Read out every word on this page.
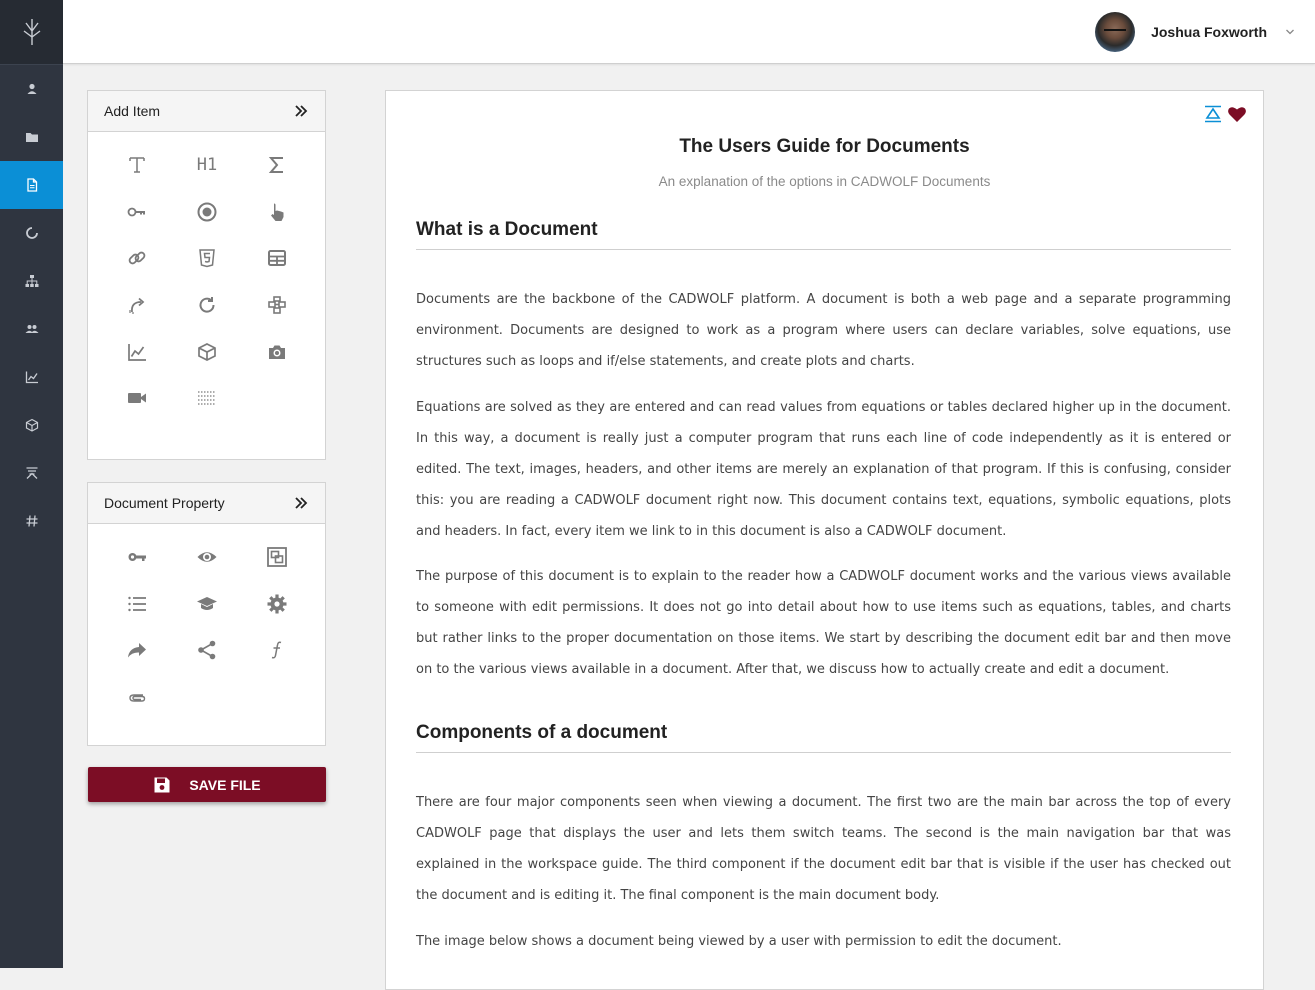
Joshua Foxworth
Add Item
H1
Document Property
SAVE FILE
The Users Guide for Documents
An explanation of the options in CADWOLF Documents
What is a Document

Documents are the backbone of the CADWOLF platform. A document is both a web page and a separate programming environment. Documents are designed to work as a program where users can declare variables, solve equations, use structures such as loops and if/else statements, and create plots and charts.

Equations are solved as they are entered and can read values from equations or tables declared higher up in the document. In this way, a document is really just a computer program that runs each line of code independently as it is entered or edited. The text, images, headers, and other items are merely an explanation of that program. If this is confusing, consider this: you are reading a CADWOLF document right now. This document contains text, equations, symbolic equations, plots and headers. In fact, every item we link to in this document is also a CADWOLF document.

The purpose of this document is to explain to the reader how a CADWOLF document works and the various views available to someone with edit permissions. It does not go into detail about how to use items such as equations, tables, and charts but rather links to the proper documentation on those items. We start by describing the document edit bar and then move on to the various views available in a document. After that, we discuss how to actually create and edit a document.

Components of a document

There are four major components seen when viewing a document. The first two are the main bar across the top of every CADWOLF page that displays the user and lets them switch teams. The second is the main navigation bar that was explained in the workspace guide. The third component if the document edit bar that is visible if the user has checked out the document and is editing it. The final component is the main document body.

The image below shows a document being viewed by a user with permission to edit the document.
